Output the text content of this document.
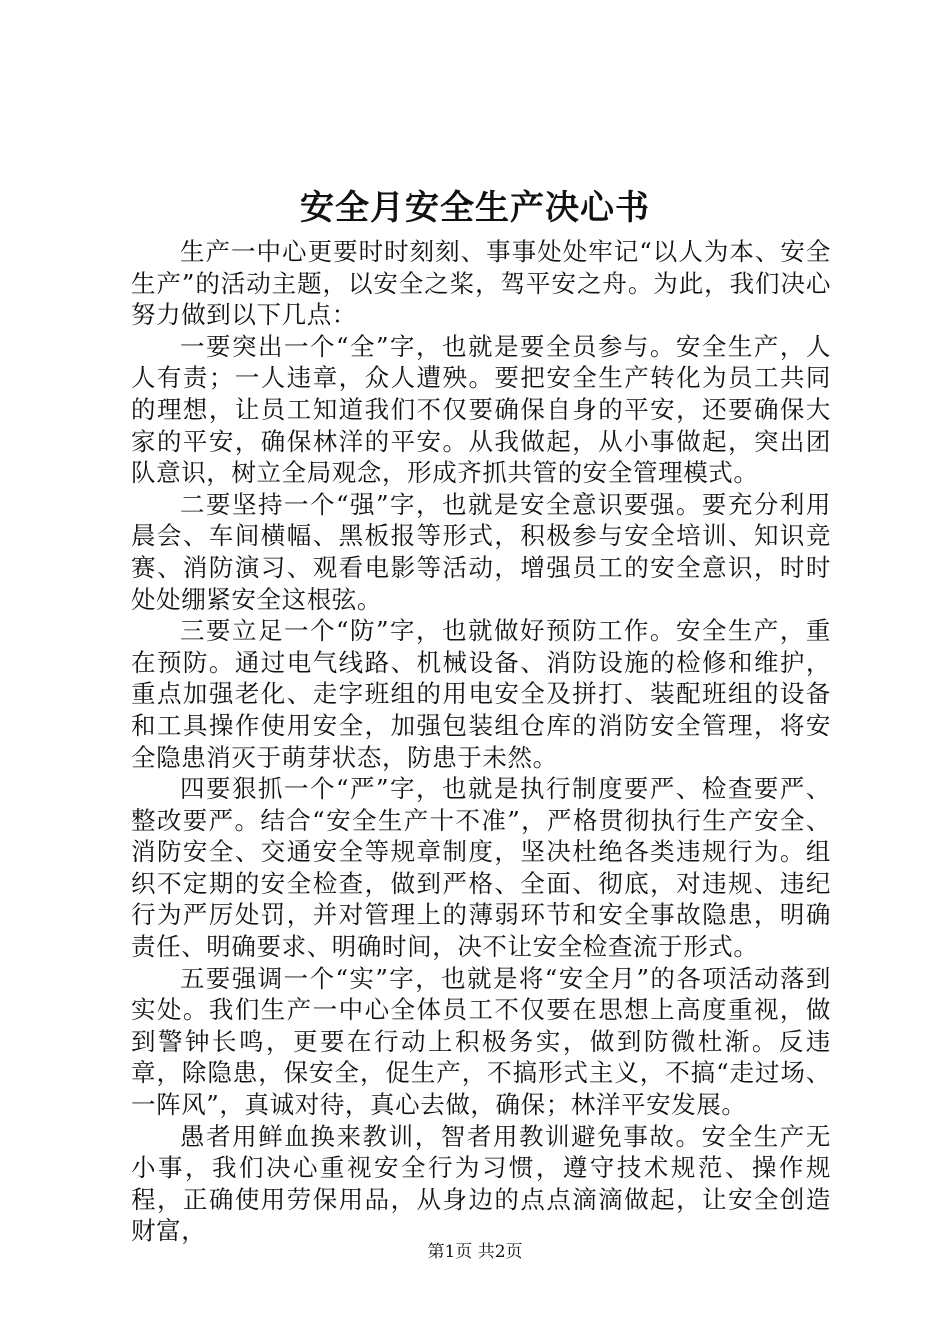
安全月安全生产决心书

生产一中心更要时时刻刻、事事处处牢记“以人为本、安全生产”的活动主题，以安全之桨，驾平安之舟。为此，我们决心努力做到以下几点：

一要突出一个“全”字，也就是要全员参与。安全生产，人人有责；一人违章，众人遭殃。要把安全生产转化为员工共同的理想，让员工知道我们不仅要确保自身的平安，还要确保大家的平安，确保林洋的平安。从我做起，从小事做起，突出团队意识，树立全局观念，形成齐抓共管的安全管理模式。

二要坚持一个“强”字，也就是安全意识要强。要充分利用晨会、车间横幅、黑板报等形式，积极参与安全培训、知识竞赛、消防演习、观看电影等活动，增强员工的安全意识，时时处处绷紧安全这根弦。

三要立足一个“防”字，也就做好预防工作。安全生产，重在预防。通过电气线路、机械设备、消防设施的检修和维护，重点加强老化、走字班组的用电安全及拼打、装配班组的设备和工具操作使用安全，加强包装组仓库的消防安全管理，将安全隐患消灭于萌芽状态，防患于未然。

四要狠抓一个“严”字，也就是执行制度要严、检查要严、整改要严。结合“安全生产十不准”，严格贯彻执行生产安全、消防安全、交通安全等规章制度，坚决杜绝各类违规行为。组织不定期的安全检查，做到严格、全面、彻底，对违规、违纪行为严厉处罚，并对管理上的薄弱环节和安全事故隐患，明确责任、明确要求、明确时间，决不让安全检查流于形式。

五要强调一个“实”字，也就是将“安全月”的各项活动落到实处。我们生产一中心全体员工不仅要在思想上高度重视，做到警钟长鸣，更要在行动上积极务实，做到防微杜渐。反违章，除隐患，保安全，促生产，不搞形式主义，不搞“走过场、一阵风”，真诚对待，真心去做，确保；林洋平安发展。

愚者用鲜血换来教训，智者用教训避免事故。安全生产无小事，我们决心重视安全行为习惯，遵守技术规范、操作规程，正确使用劳保用品，从身边的点点滴滴做起，让安全创造财富，

第1页 共2页
